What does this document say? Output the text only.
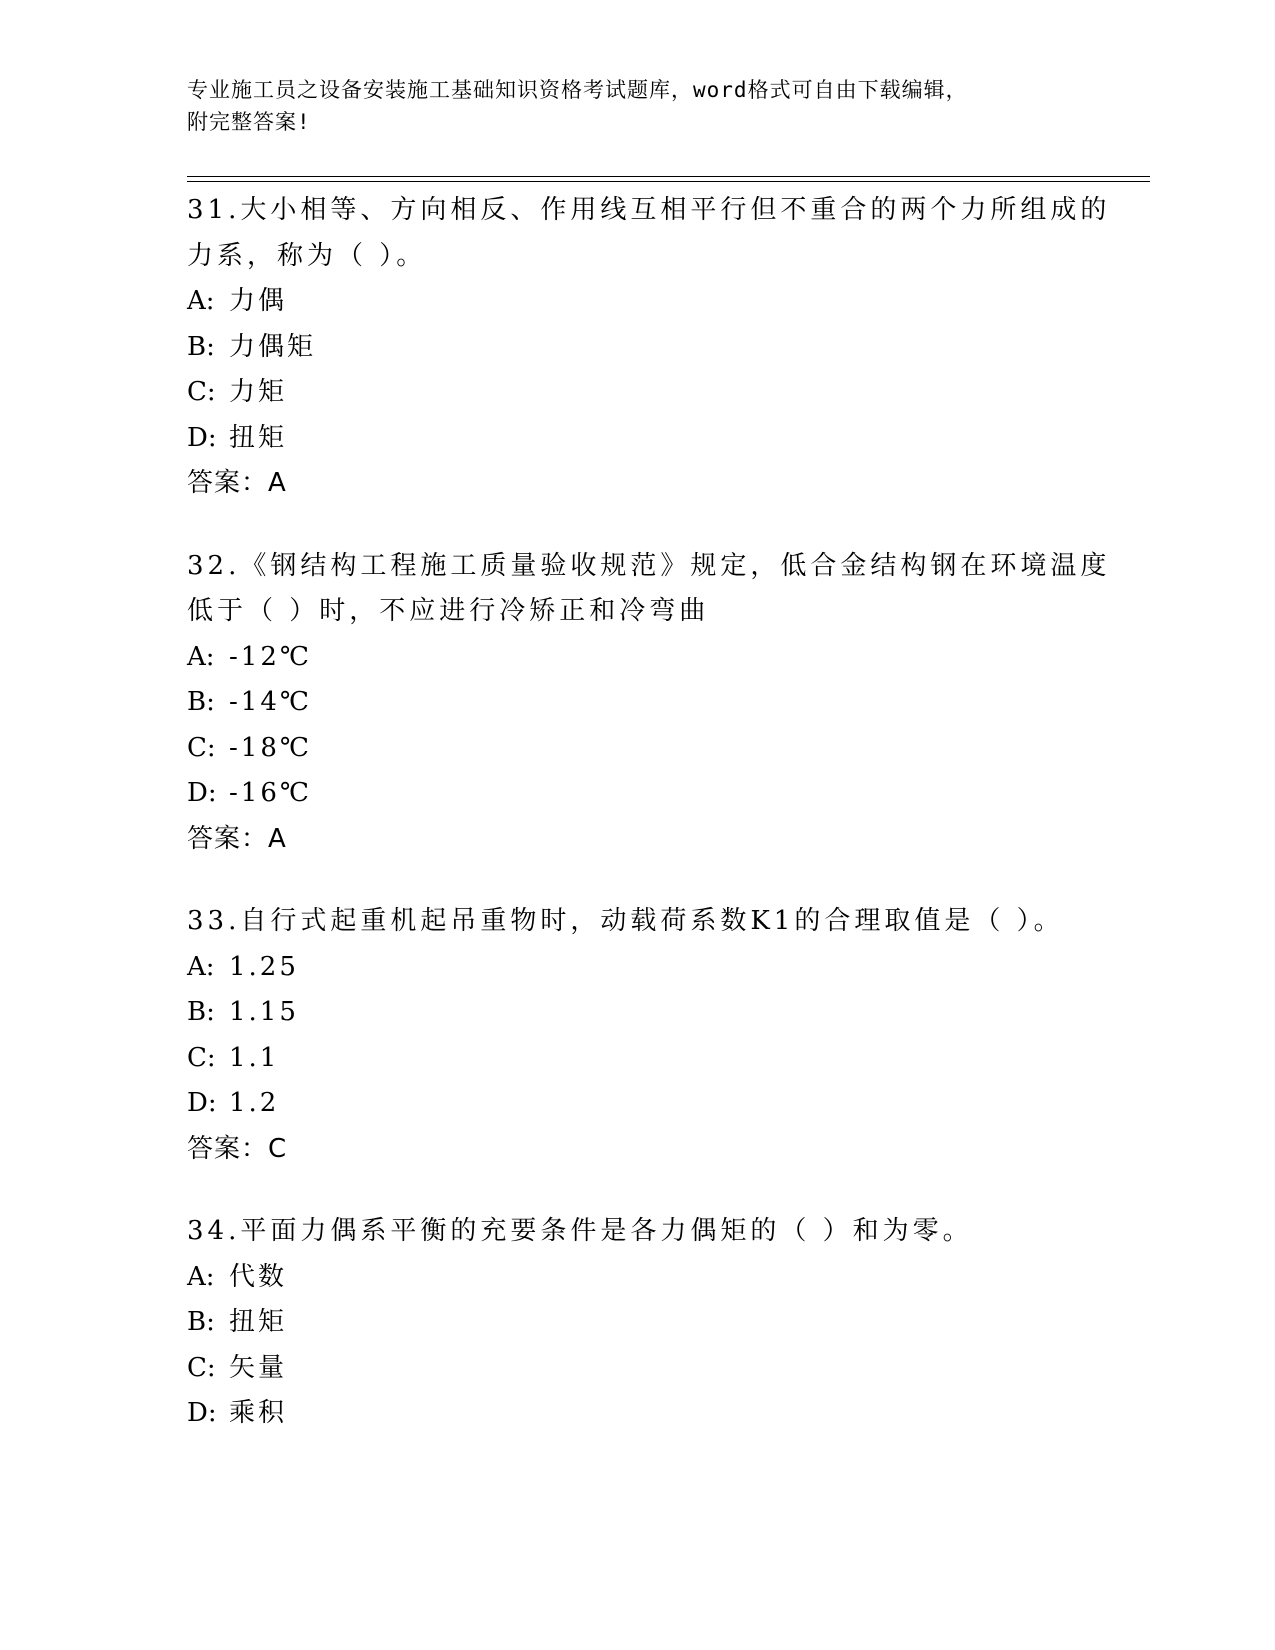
专业施工员之设备安装施工基础知识资格考试题库，word格式可自由下载编辑，
附完整答案!
31.大小相等、方向相反、作用线互相平行但不重合的两个力所组成的
力系，称为（ ）。
A: 力偶
B: 力偶矩
C: 力矩
D: 扭矩
答案：A
32.《钢结构工程施工质量验收规范》规定，低合金结构钢在环境温度
低于（ ）时，不应进行冷矫正和冷弯曲
A: -12℃
B: -14℃
C: -18℃
D: -16℃
答案：A
33.自行式起重机起吊重物时，动载荷系数K1的合理取值是（ ）。
A: 1.25
B: 1.15
C: 1.1
D: 1.2
答案：C
34.平面力偶系平衡的充要条件是各力偶矩的（ ）和为零。
A: 代数
B: 扭矩
C: 矢量
D: 乘积
